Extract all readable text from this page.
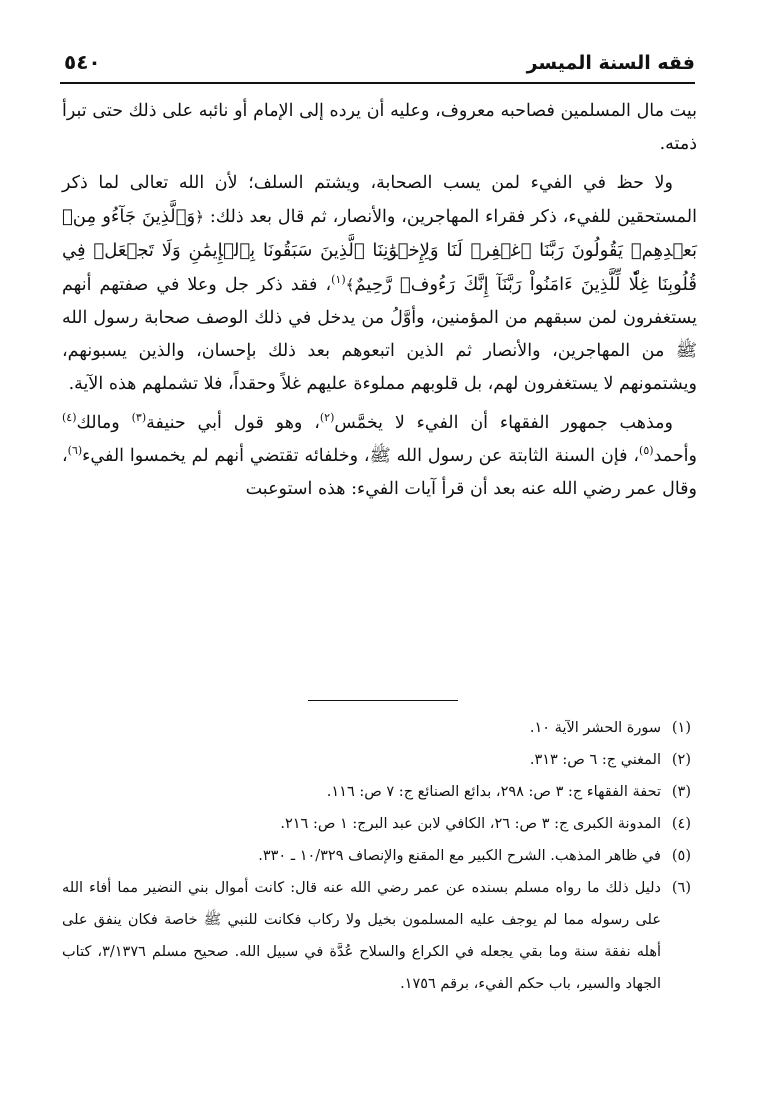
فقه السنة الميسر
٥٤٠

بيت مال المسلمين فصاحبه معروف، وعليه أن يرده إلى الإمام أو نائبه على ذلك حتى تبرأ ذمته.

ولا حظ في الفيء لمن يسب الصحابة، ويشتم السلف؛ لأن الله تعالى لما ذكر المستحقين للفيء، ذكر فقراء المهاجرين، والأنصار، ثم قال بعد ذلك: ﴿وَٱلَّذِينَ جَآءُو مِنۢ بَعۡدِهِمۡ يَقُولُونَ رَبَّنَا ٱغۡفِرۡ لَنَا وَلِإِخۡوَٰنِنَا ٱلَّذِينَ سَبَقُونَا بِٱلۡإِيمَٰنِ وَلَا تَجۡعَلۡ فِي قُلُوبِنَا غِلّٗا لِّلَّذِينَ ءَامَنُواْ رَبَّنَآ إِنَّكَ رَءُوفٞ رَّحِيمٌ﴾$^{(١)}$، فقد ذكر جل وعلا في صفتهم أنهم يستغفرون لمن سبقهم من المؤمنين، وأوَّلُ من يدخل في ذلك الوصف صحابة رسول الله ﷺ من المهاجرين، والأنصار ثم الذين اتبعوهم بعد ذلك بإحسان، والذين يسبونهم، ويشتمونهم لا يستغفرون لهم، بل قلوبهم مملوءة عليهم غلاً وحقداً، فلا تشملهم هذه الآية.

ومذهب جمهور الفقهاء أن الفيء لا يخمَّس$^{(٢)}$، وهو قول أبي حنيفة$^{(٣)}$ ومالك$^{(٤)}$ وأحمد$^{(٥)}$، فإن السنة الثابتة عن رسول الله ﷺ، وخلفائه تقتضي أنهم لم يخمسوا الفيء$^{(٦)}$، وقال عمر رضي الله عنه بعد أن قرأ آيات الفيء: هذه استوعبت

(١)
سورة الحشر الآية ١٠.
(٢)
المغني ج: ٦ ص: ٣١٣.
(٣)
تحفة الفقهاء ج: ٣ ص: ٢٩٨، بدائع الصنائع ج: ٧ ص: ١١٦.
(٤)
المدونة الكبرى ج: ٣ ص: ٢٦، الكافي لابن عبد البرج: ١ ص: ٢١٦.
(٥)
في ظاهر المذهب. الشرح الكبير مع المقنع والإنصاف ١٠/٣٢٩ ـ ٣٣٠.
(٦)
دليل ذلك ما رواه مسلم بسنده عن عمر رضي الله عنه قال: كانت أموال بني النضير مما أفاء الله على رسوله مما لم يوجف عليه المسلمون بخيل ولا ركاب فكانت للنبي ﷺ خاصة فكان ينفق على أهله نفقة سنة وما بقي يجعله في الكراع والسلاح عُدَّة في سبيل الله. صحيح مسلم ٣/١٣٧٦، كتاب الجهاد والسير، باب حكم الفيء، برقم ١٧٥٦.
